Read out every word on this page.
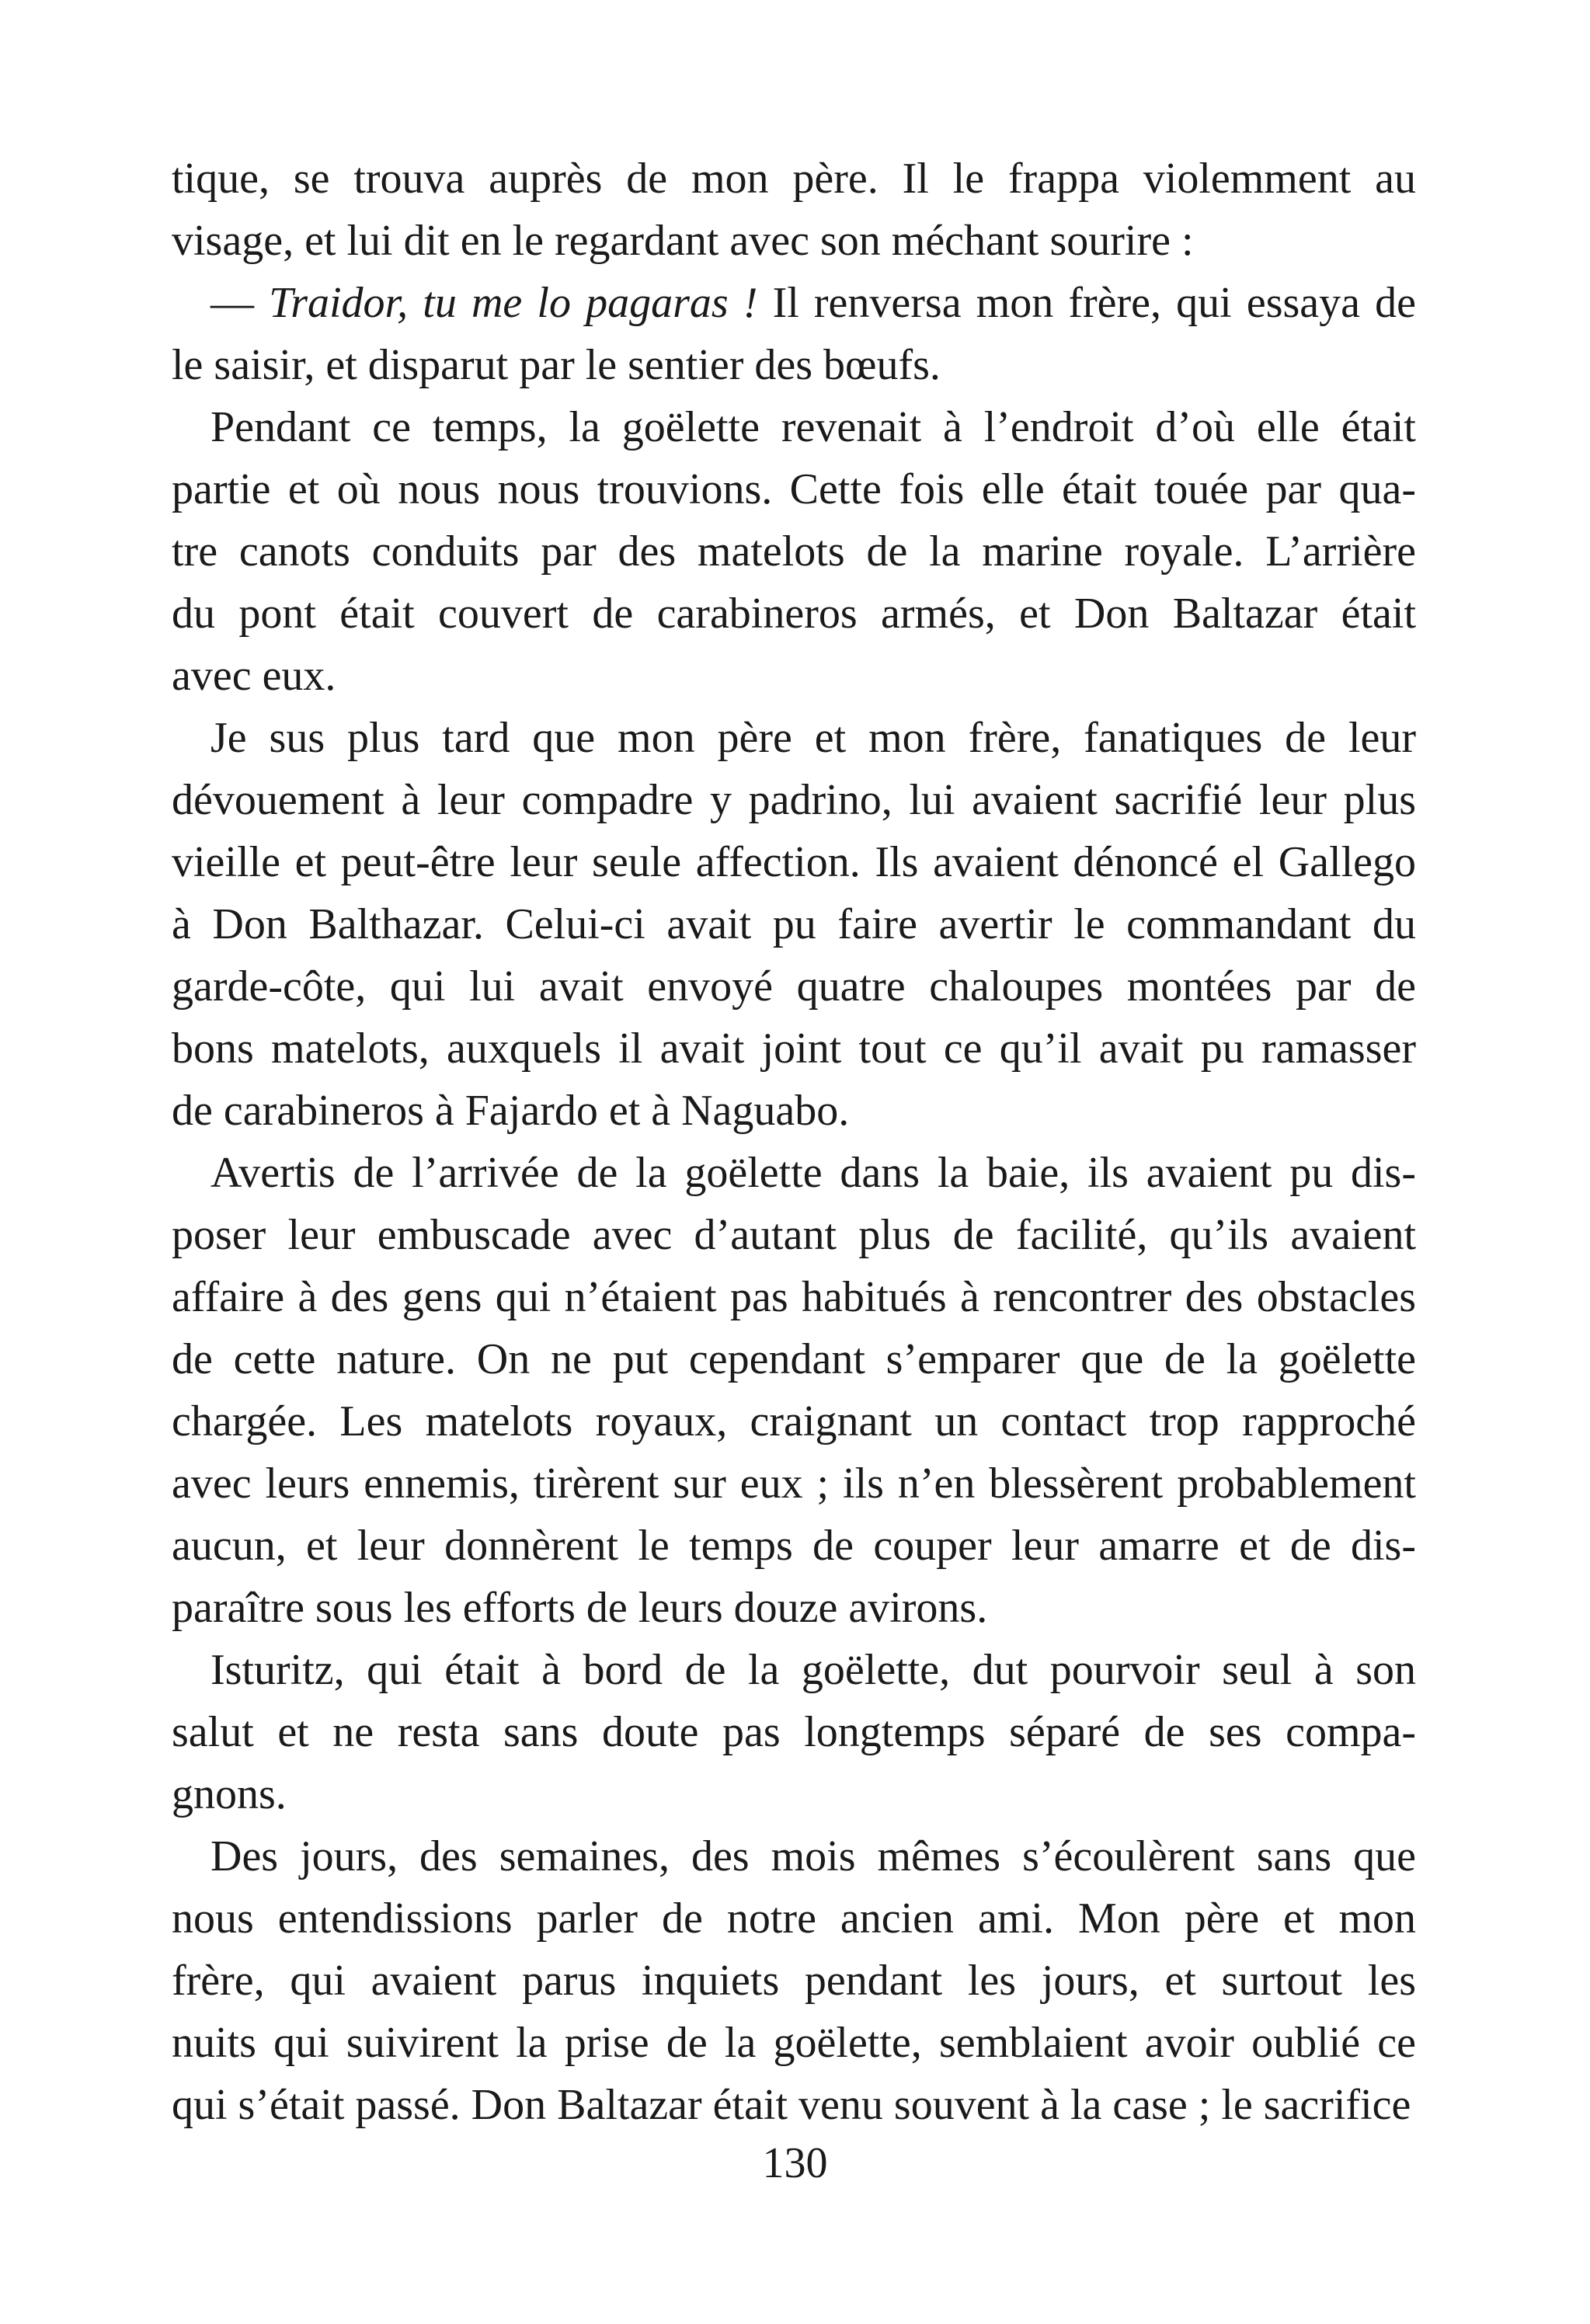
tique, se trouva auprès de mon père. Il le frappa violemment au
visage, et lui dit en le regardant avec son méchant sourire :
— Traidor, tu me lo pagaras ! Il renversa mon frère, qui essaya de
le saisir, et disparut par le sentier des bœufs.
Pendant ce temps, la goëlette revenait à l’endroit d’où elle était
partie et où nous nous trouvions. Cette fois elle était touée par qua-
tre canots conduits par des matelots de la marine royale. L’arrière
du pont était couvert de carabineros armés, et Don Baltazar était
avec eux.
Je sus plus tard que mon père et mon frère, fanatiques de leur
dévouement à leur compadre y padrino, lui avaient sacrifié leur plus
vieille et peut-être leur seule affection. Ils avaient dénoncé el Gallego
à Don Balthazar. Celui-ci avait pu faire avertir le commandant du
garde-côte, qui lui avait envoyé quatre chaloupes montées par de
bons matelots, auxquels il avait joint tout ce qu’il avait pu ramasser
de carabineros à Fajardo et à Naguabo.
Avertis de l’arrivée de la goëlette dans la baie, ils avaient pu dis-
poser leur embuscade avec d’autant plus de facilité, qu’ils avaient
affaire à des gens qui n’étaient pas habitués à rencontrer des obstacles
de cette nature. On ne put cependant s’emparer que de la goëlette
chargée. Les matelots royaux, craignant un contact trop rapproché
avec leurs ennemis, tirèrent sur eux ; ils n’en blessèrent probablement
aucun, et leur donnèrent le temps de couper leur amarre et de dis-
paraître sous les efforts de leurs douze avirons.
Isturitz, qui était à bord de la goëlette, dut pourvoir seul à son
salut et ne resta sans doute pas longtemps séparé de ses compa-
gnons.
Des jours, des semaines, des mois mêmes s’écoulèrent sans que
nous entendissions parler de notre ancien ami. Mon père et mon
frère, qui avaient parus inquiets pendant les jours, et surtout les
nuits qui suivirent la prise de la goëlette, semblaient avoir oublié ce
qui s’était passé. Don Baltazar était venu souvent à la case ; le sacrifice
130
